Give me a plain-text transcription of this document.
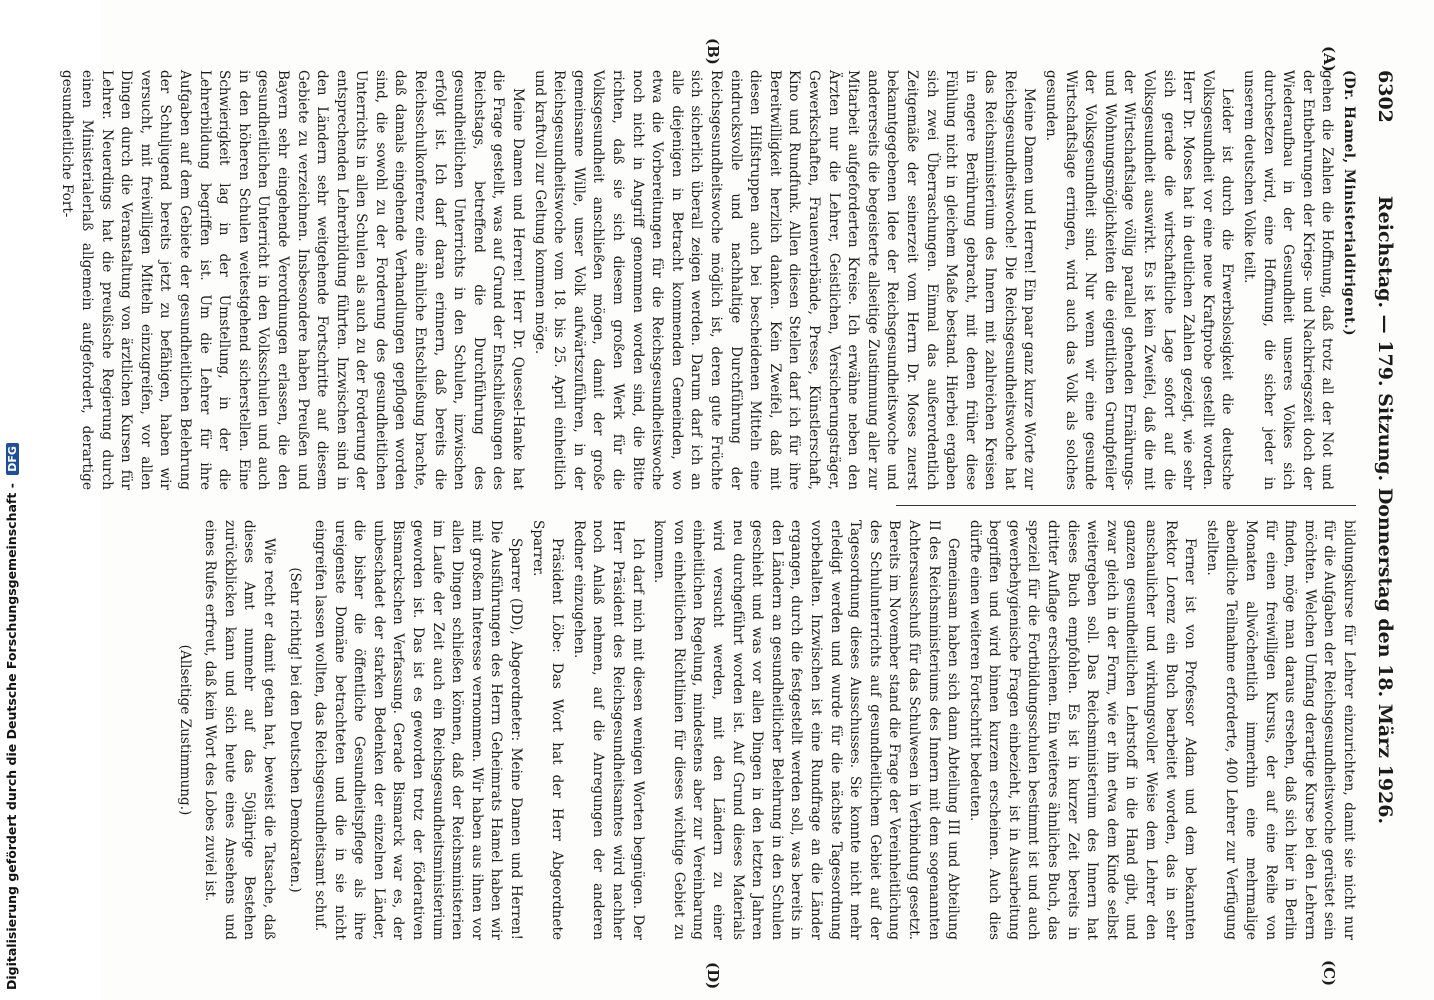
6302
Reichstag. — 179. Sitzung. Donnerstag den 18. März 1926.
(A)
(B)
(C)
(D)

(Dr. Hamel, Ministerialdirigent.)

gehen die Zahlen die Hoffnung, daß trotz all der Not und der Entbehrungen der Kriegs- und Nachkriegszeit doch der Wiederaufbau in der Gesundheit unseres Volkes sich durchsetzen wird, eine Hoffnung, die sicher jeder in unserem deutschen Volke teilt.

Leider ist durch die Erwerbslosigkeit die deutsche Volksgesundheit vor eine neue Kraftprobe gestellt worden. Herr Dr. Moses hat in deutlichen Zahlen gezeigt, wie sehr sich gerade die wirtschaftliche Lage sofort auf die Volksgesundheit auswirkt. Es ist kein Zweifel, daß die mit der Wirtschaftslage völlig parallel gehenden Ernährungs- und Wohnungsmöglichkeiten die eigentlichen Grundpfeiler der Volksgesundheit sind. Nur wenn wir eine gesunde Wirtschaftslage erringen, wird auch das Volk als solches gesunden.

Meine Damen und Herren! Ein paar ganz kurze Worte zur Reichsgesundheitswoche! Die Reichsgesundheitswoche hat das Reichsministerium des Innern mit zahlreichen Kreisen in engere Berührung gebracht, mit denen früher diese Fühlung nicht in gleichem Maße bestand. Hierbei ergaben sich zwei Überraschungen. Einmal das außerordentlich Zeitgemäße der seinerzeit vom Herrn Dr. Moses zuerst bekanntgegebenen Idee der Reichsgesundheitswoche und andererseits die begeisterte allseitige Zustimmung aller zur Mitarbeit aufgeforderten Kreise. Ich erwähne neben den Ärzten nur die Lehrer, Geistlichen, Versicherungsträger, Gewerkschaften, Frauenverbände, Presse, Künstlerschaft, Kino und Rundfunk. Allen diesen Stellen darf ich für ihre Bereitwilligkeit herzlich danken. Kein Zweifel, daß mit diesen Hilfstruppen auch bei bescheidenen Mitteln eine eindrucksvolle und nachhaltige Durchführung der Reichsgesundheitswoche möglich ist, deren gute Früchte sich sicherlich überall zeigen werden. Darum darf ich an alle diejenigen in Betracht kommenden Gemeinden, wo etwa die Vorbereitungen für die Reichsgesundheitswoche noch nicht in Angriff genommen worden sind, die Bitte richten, daß sie sich diesem großen Werk für die Volksgesundheit anschließen mögen, damit der große gemeinsame Wille, unser Volk aufwärtszuführen, in der Reichsgesundheitswoche vom 18. bis 25. April einheitlich und kraftvoll zur Geltung kommen möge.

Meine Damen und Herren! Herr Dr. Quessel-Hanke hat die Frage gestellt, was auf Grund der Entschließungen des Reichstags, betreffend die Durchführung des gesundheitlichen Unterrichts in den Schulen, inzwischen erfolgt ist. Ich darf daran erinnern, daß bereits die Reichsschulkonferenz eine ähnliche Entschließung brachte, daß damals eingehende Verhandlungen gepflogen worden sind, die sowohl zu der Forderung des gesundheitlichen Unterrichts in allen Schulen als auch zu der Forderung der entsprechenden Lehrerbildung führten. Inzwischen sind in den Ländern sehr weitgehende Fortschritte auf diesem Gebiete zu verzeichnen. Insbesondere haben Preußen und Bayern sehr eingehende Verordnungen erlassen, die den gesundheitlichen Unterricht in den Volksschulen und auch in den höheren Schulen weitestgehend sicherstellen. Eine Schwierigkeit lag in der Umstellung, in der die Lehrerbildung begriffen ist. Um die Lehrer für ihre Aufgaben auf dem Gebiete der gesundheitlichen Belehrung der Schuljugend bereits jetzt zu befähigen, haben wir versucht, mit freiwilligen Mitteln einzugreifen, vor allen Dingen durch die Veranstaltung von ärztlichen Kursen für Lehrer. Neuerdings hat die preußische Regierung durch einen Ministerialerlaß allgemein aufgefordert, derartige gesundheitliche Fort-

bildungskurse für Lehrer einzurichten, damit sie nicht nur für die Aufgaben der Reichsgesundheitswoche gerüstet sein möchten. Welchen Umfang derartige Kurse bei den Lehrern finden, möge man daraus ersehen, daß sich hier in Berlin für einen freiwilligen Kursus, der auf eine Reihe von Monaten allwöchentlich immerhin eine mehrmalige abendliche Teilnahme erforderte, 400 Lehrer zur Verfügung stellten.

Ferner ist von Professor Adam und dem bekannten Rektor Lorenz ein Buch bearbeitet worden, das in sehr anschaulicher und wirkungsvoller Weise dem Lehrer den ganzen gesundheitlichen Lehrstoff in die Hand gibt, und zwar gleich in der Form, wie er ihn etwa dem Kinde selbst weitergeben soll. Das Reichsministerium des Innern hat dieses Buch empfohlen. Es ist in kurzer Zeit bereits in dritter Auflage erschienen. Ein weiteres ähnliches Buch, das speziell für die Fortbildungsschulen bestimmt ist und auch gewerbehygienische Fragen einbezieht, ist in Ausarbeitung begriffen und wird binnen kurzem erscheinen. Auch dies dürfte einen weiteren Fortschritt bedeuten.

Gemeinsam haben sich dann Abteilung III und Abteilung II des Reichsministeriums des Innern mit dem sogenannten Achtersausschuß für das Schulwesen in Verbindung gesetzt. Bereits im November stand die Frage der Vereinheitlichung des Schulunterrichts auf gesundheitlichem Gebiet auf der Tagesordnung dieses Ausschusses. Sie konnte nicht mehr erledigt werden und wurde für die nächste Tagesordnung vorbehalten. Inzwischen ist eine Rundfrage an die Länder ergangen, durch die festgestellt werden soll, was bereits in den Ländern an gesundheitlicher Belehrung in den Schulen geschieht und was vor allen Dingen in den letzten Jahren neu durchgeführt worden ist. Auf Grund dieses Materials wird versucht werden, mit den Ländern zu einer einheitlichen Regelung, mindestens aber zur Vereinbarung von einheitlichen Richtlinien für dieses wichtige Gebiet zu kommen.

Ich darf mich mit diesen wenigen Worten begnügen. Der Herr Präsident des Reichsgesundheitsamtes wird nachher noch Anlaß nehmen, auf die Anregungen der anderen Redner einzugehen.

Präsident Löbe: Das Wort hat der Herr Abgeordnete Sparrer.

Sparrer (DD), Abgeordneter: Meine Damen und Herren! Die Ausführungen des Herrn Geheimrats Hamel haben wir mit großem Interesse vernommen. Wir haben aus ihnen vor allen Dingen schließen können, daß der Reichsministerien im Laufe der Zeit auch ein Reichsgesundheitsministerium geworden ist. Das ist es geworden trotz der föderativen Bismarckschen Verfassung. Gerade Bismarck war es, der unbeschadet der starken Bedenken der einzelnen Länder, die bisher die öffentliche Gesundheitspflege als ihre ureigenste Domäne betrachteten und die in sie nicht eingreifen lassen wollten, das Reichsgesundheitsamt schuf.

(Sehr richtig! bei den Deutschen Demokraten.)

Wie recht er damit getan hat, beweist die Tatsache, daß dieses Amt nunmehr auf das 50jährige Bestehen zurückblicken kann und sich heute eines Ansehens und eines Rufes erfreut, daß kein Wort des Lobes zuviel ist.

(Allseitige Zustimmung.)

Digitalisierung gefördert durch die Deutsche Forschungsgemeinschaft - DFG
